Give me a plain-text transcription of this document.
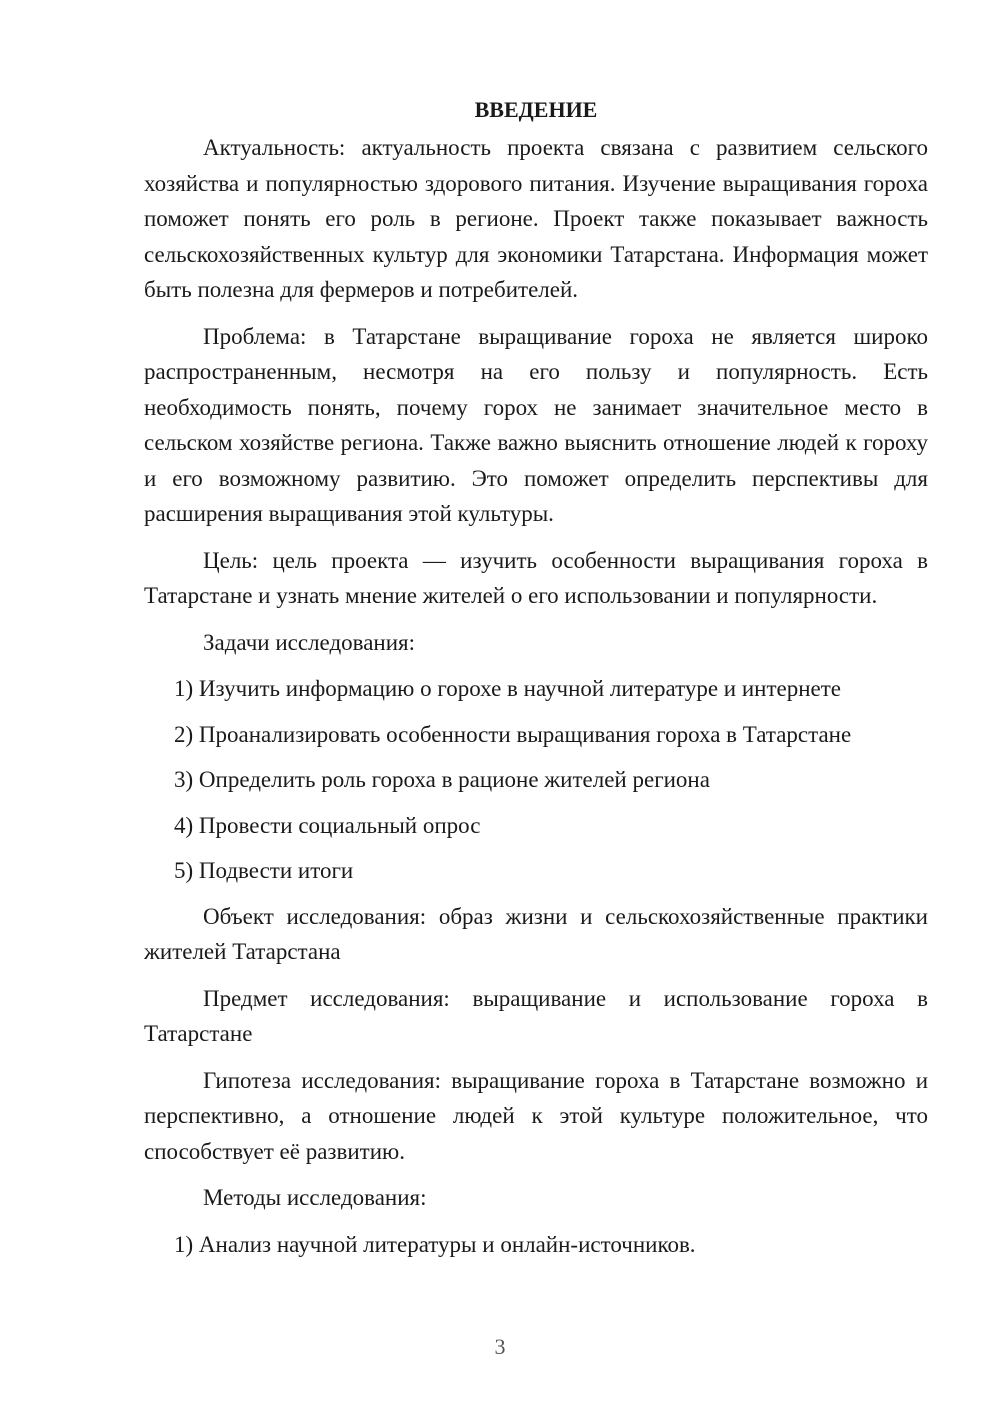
ВВЕДЕНИЕ
Актуальность: актуальность проекта связана с развитием сельского хозяйства и популярностью здорового питания. Изучение выращивания гороха поможет понять его роль в регионе. Проект также показывает важность сельскохозяйственных культур для экономики Татарстана. Информация может быть полезна для фермеров и потребителей.
Проблема: в Татарстане выращивание гороха не является широко распространенным, несмотря на его пользу и популярность. Есть необходимость понять, почему горох не занимает значительное место в сельском хозяйстве региона. Также важно выяснить отношение людей к гороху и его возможному развитию. Это поможет определить перспективы для расширения выращивания этой культуры.
Цель: цель проекта — изучить особенности выращивания гороха в Татарстане и узнать мнение жителей о его использовании и популярности.
Задачи исследования:
1) Изучить информацию о горохе в научной литературе и интернете
2) Проанализировать особенности выращивания гороха в Татарстане
3) Определить роль гороха в рационе жителей региона
4) Провести социальный опрос
5) Подвести итоги
Объект исследования: образ жизни и сельскохозяйственные практики жителей Татарстана
Предмет исследования: выращивание и использование гороха в Татарстане
Гипотеза исследования: выращивание гороха в Татарстане возможно и перспективно, а отношение людей к этой культуре положительное, что способствует её развитию.
Методы исследования:
1) Анализ научной литературы и онлайн-источников.
3
